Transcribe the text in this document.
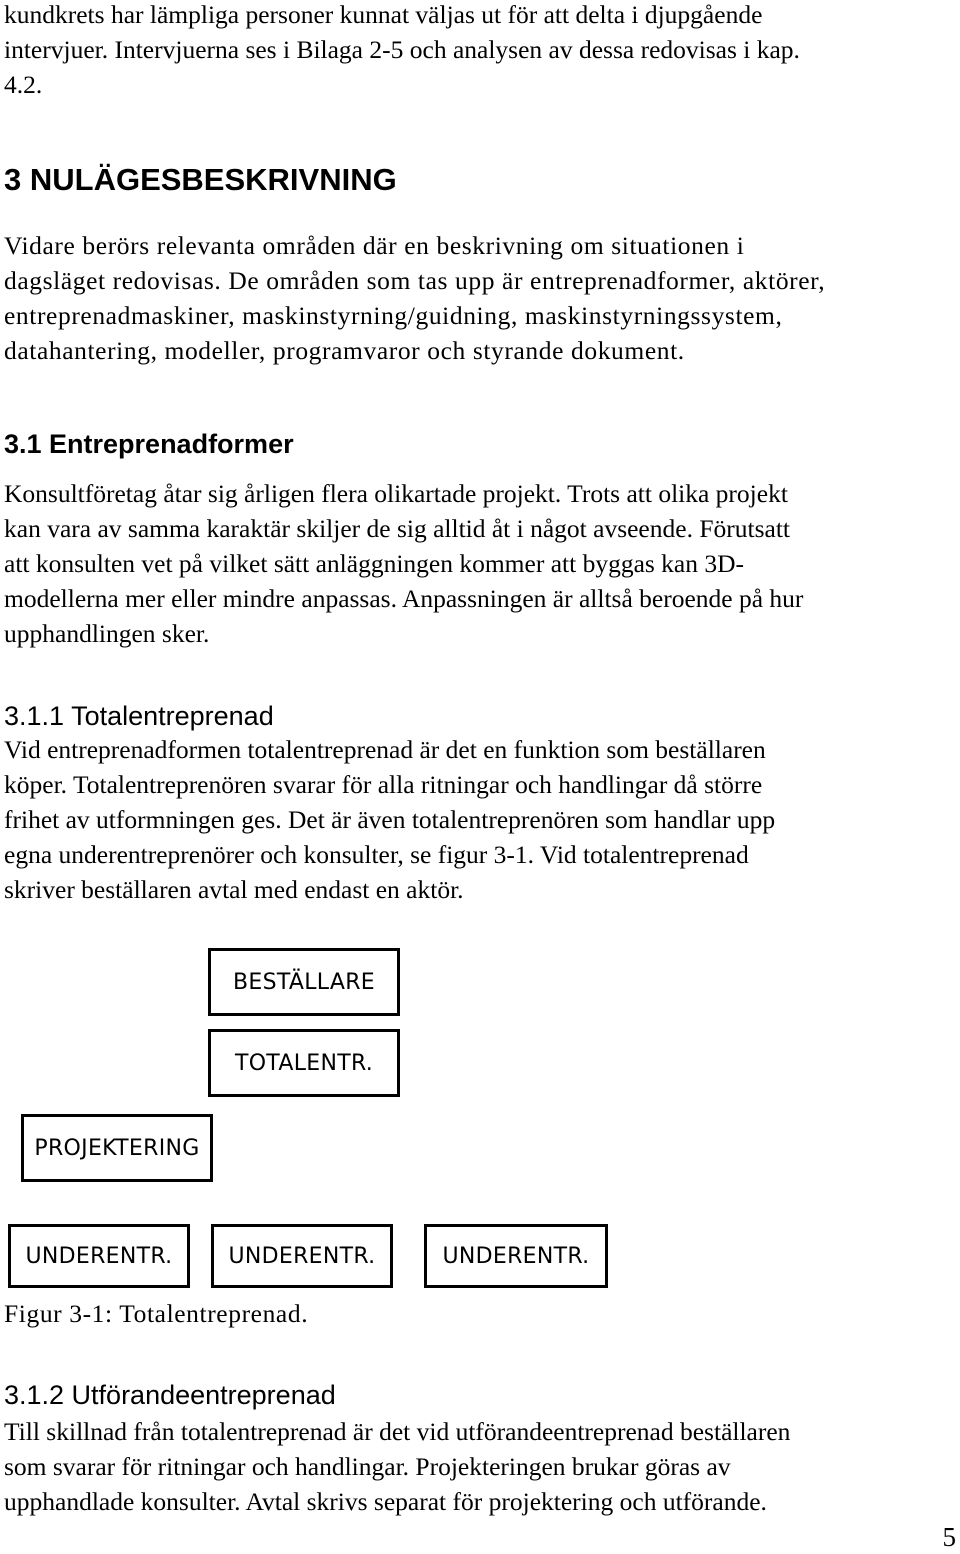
kundkrets har lämpliga personer kunnat väljas ut för att delta i djupgående
intervjuer. Intervjuerna ses i Bilaga 2-5 och analysen av dessa redovisas i kap.
4.2.

3 NULÄGESBESKRIVNING

Vidare berörs relevanta områden där en beskrivning om situationen i
dagsläget redovisas. De områden som tas upp är entreprenadformer, aktörer,
entreprenadmaskiner, maskinstyrning/guidning, maskinstyrningssystem,
datahantering, modeller, programvaror och styrande dokument.

3.1 Entreprenadformer

Konsultföretag åtar sig årligen flera olikartade projekt. Trots att olika projekt
kan vara av samma karaktär skiljer de sig alltid åt i något avseende. Förutsatt
att konsulten vet på vilket sätt anläggningen kommer att byggas kan 3D-
modellerna mer eller mindre anpassas. Anpassningen är alltså beroende på hur
upphandlingen sker.

3.1.1 Totalentreprenad

Vid entreprenadformen totalentreprenad är det en funktion som beställaren
köper. Totalentreprenören svarar för alla ritningar och handlingar då större
frihet av utformningen ges. Det är även totalentreprenören som handlar upp
egna underentreprenörer och konsulter, se figur 3-1. Vid totalentreprenad
skriver beställaren avtal med endast en aktör.

BESTÄLLARE
TOTALENTR.
PROJEKTERING
UNDERENTR.	UNDERENTR.	UNDERENTR.

Figur 3-1: Totalentreprenad.

3.1.2 Utförandeentreprenad

Till skillnad från totalentreprenad är det vid utförandeentreprenad beställaren
som svarar för ritningar och handlingar. Projekteringen brukar göras av
upphandlade konsulter. Avtal skrivs separat för projektering och utförande.

5
